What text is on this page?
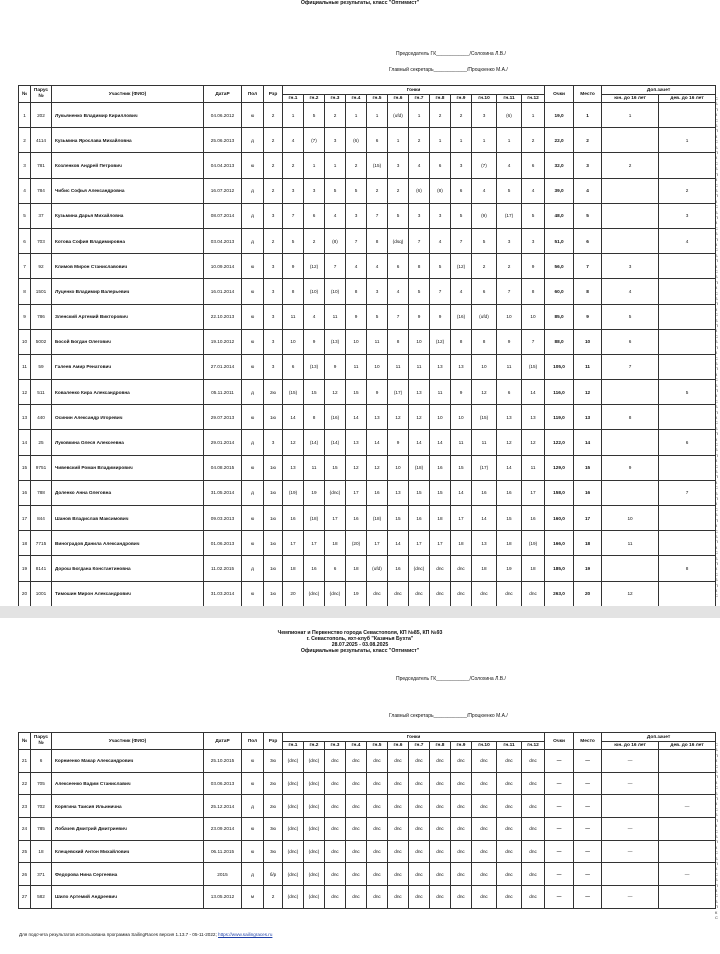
Официальные результаты, класс "Оптимист"
Председатель ГК____________/Солохина Л.В./
Главный секретарь____________/Процюенко М.А./
№	Парус №	Участник (ФИО)	ДатаР	Пол	Рзр	Гонки												Очки	Место	Доп.зачет	
						гн.1	гн.2	гн.3	гн.4	гн.5	гн.6	гн.7	гн.8	гн.9	гн.10	гн.11	гн.12			юн. до 16 лет	дев. до 16 лет
1	202	Лукьяненко Владимир Кириллович	04.06.2012	ю	2	1	5	2	1	1	(ufd)	1	2	2	3	(6)	1	19,0	1	1	
2	4114	Кузьмина Ярослава Михайловна	25.06.2013	д	2	4	(7)	3	(6)	6	1	2	1	1	1	1	2	22,0	2		1
3	781	Козленков Андрей Петрович	04.04.2013	ю	2	2	1	1	2	(15)	3	4	6	3	(7)	4	6	32,0	3	2	
4	784	Чибис Софья Александровна	16.07.2012	д	2	3	3	5	5	2	2	(6)	(8)	6	4	5	4	39,0	4		2
5	37	Кузьмина Дарья Михайловна	08.07.2014	д	3	7	6	4	3	7	5	3	3	5	(9)	(17)	5	48,0	5		3
6	703	Котова София Владимировна	03.04.2013	д	2	5	2	(8)	7	8	(dsq)	7	4	7	5	3	3	51,0	6		4
7	92	Климов Мирон Станиславович	10.09.2014	ю	3	9	(12)	7	4	4	6	8	5	(12)	2	2	9	56,0	7	3	
8	1501	Луценко Владимир Валерьевич	16.01.2014	ю	3	8	(10)	(10)	8	3	4	5	7	4	6	7	8	60,0	8	4	
9	786	Зленский Артемий Викторович	22.10.2013	ю	3	11	4	11	9	5	7	9	9	(16)	(ufd)	10	10	85,0	9	5	
10	5002	Босой Богдан Олегович	19.10.2012	ю	3	10	9	(13)	10	11	8	10	(12)	8	8	9	7	88,0	10	6	
11	59	Галеев Амир Ренатович	27.01.2014	ю	3	6	(13)	9	11	10	11	11	13	13	10	11	(15)	105,0	11	7	
12	511	Коваленко Кира Александровна	05.11.2011	д	2ю	(15)	15	12	15	9	(17)	13	11	9	12	6	14	116,0	12		5
13	440	Осинин Александр Игоревич	29.07.2013	ю	1ю	14	8	(16)	14	13	12	12	10	10	(15)	13	13	119,0	13	8	
14	25	Луковкина Олеся Алексеевна	29.01.2014	д	3	12	(14)	(14)	13	14	9	14	14	11	11	12	12	122,0	14		6
15	9751	Чивевский Роман Владимирович	04.08.2015	ю	1ю	13	11	15	12	12	10	(18)	16	15	(17)	14	11	129,0	15	9	
16	788	Доленко Анна Олеговна	31.05.2014	д	1ю	(19)	19	(dnc)	17	16	13	15	15	14	16	16	17	158,0	16		7
17	844	Шанов Владислав Максимович	09.03.2013	ю	1ю	16	(18)	17	16	(18)	15	16	18	17	14	15	16	160,0	17	10	
18	7715	Виноградов Данила Александрович	01.06.2013	ю	1ю	17	17	18	(20)	17	14	17	17	18	13	18	(19)	166,0	18	11	
19	8141	Дорош Богдана Константиновна	11.02.2015	д	1ю	18	16	6	18	(ufd)	16	(dnc)	dnc	dnc	18	19	18	185,0	19		8
20	1001	Тимошин Мирон Александрович	31.03.2014	ю	1ю	20	(dnc)	(dnc)	19	dnc	dnc	dnc	dnc	dnc	dnc	dnc	dnc	263,0	20	12	
С
Б
П
К
С
Б
П
К
С
Б
П
К
С
Б
П
К
С
Б
П
К
С
Б
П
К
С
Б
П
К
С
Б
П
К
С
Б
П
К
С
Б
П
К
С
Б
П
К
С
Б
П
К
С
Б
П
К
С
Б
П
К
С
Б
П
К
С
Б
П
К
С
Б
П
К
С
Б
П
К
С
Б
П
К
С
Б
П
К
С
Б
П
К
С
Б
П
К
С
Б
П
К
С
Чемпионат и Первенство города Севастополя, КП №85, КП №93
г. Севастополь, яхт-клуб "Казачья Бухта"
28.07.2025 - 03.08.2025
Официальные результаты, класс "Оптимист"
Председатель ГК____________/Солохина Л.В./
Главный секретарь____________/Процюенко М.А./
№	Парус №	Участник (ФИО)	ДатаР	Пол	Рзр	Гонки												Очки	Место	Доп.зачет	
						гн.1	гн.2	гн.3	гн.4	гн.5	гн.6	гн.7	гн.8	гн.9	гн.10	гн.11	гн.12			юн. до 16 лет	дев. до 16 лет
21	6	Корниенко Макар Александрович	25.10.2015	ю	3ю	(dnc)	(dnc)	dnc	dnc	dnc	dnc	dnc	dnc	dnc	dnc	dnc	dnc	—	—	—	
22	705	Алексеенко Вадим Станиславич	03.06.2013	ю	2ю	(dnc)	(dnc)	dnc	dnc	dnc	dnc	dnc	dnc	dnc	dnc	dnc	dnc	—	—	—	
23	702	Корягина Таисия Ильинична	25.12.2014	д	2ю	(dnc)	(dnc)	dnc	dnc	dnc	dnc	dnc	dnc	dnc	dnc	dnc	dnc	—	—		—
24	785	Лобачев Дмитрий Дмитриевич	23.09.2014	ю	3ю	(dnc)	(dnc)	dnc	dnc	dnc	dnc	dnc	dnc	dnc	dnc	dnc	dnc	—	—	—	
25	18	Клещевский Антон Михайлович	06.11.2015	ю	3ю	(dnc)	(dnc)	dnc	dnc	dnc	dnc	dnc	dnc	dnc	dnc	dnc	dnc	—	—	—	
26	371	Федорова Нина Сергеевна	2015	д	б/р	(dnc)	(dnc)	dnc	dnc	dnc	dnc	dnc	dnc	dnc	dnc	dnc	dnc	—	—		—
27	582	Шило Артемий Андреевич	13.05.2012	м	2	(dnc)	(dnc)	dnc	dnc	dnc	dnc	dnc	dnc	dnc	dnc	dnc	dnc	—	—	—	
С
Б
П
К
С
Б
П
К
С
Б
П
К
С
Б
П
К
С
Б
П
К
С
Б
П
К
С
Б
П
К
С
Б
П
К
С
Для подсчета результатов использована программа SailingRaces версия 1.13.7 - 05-11-2022; https://www.sailingraces.ru
